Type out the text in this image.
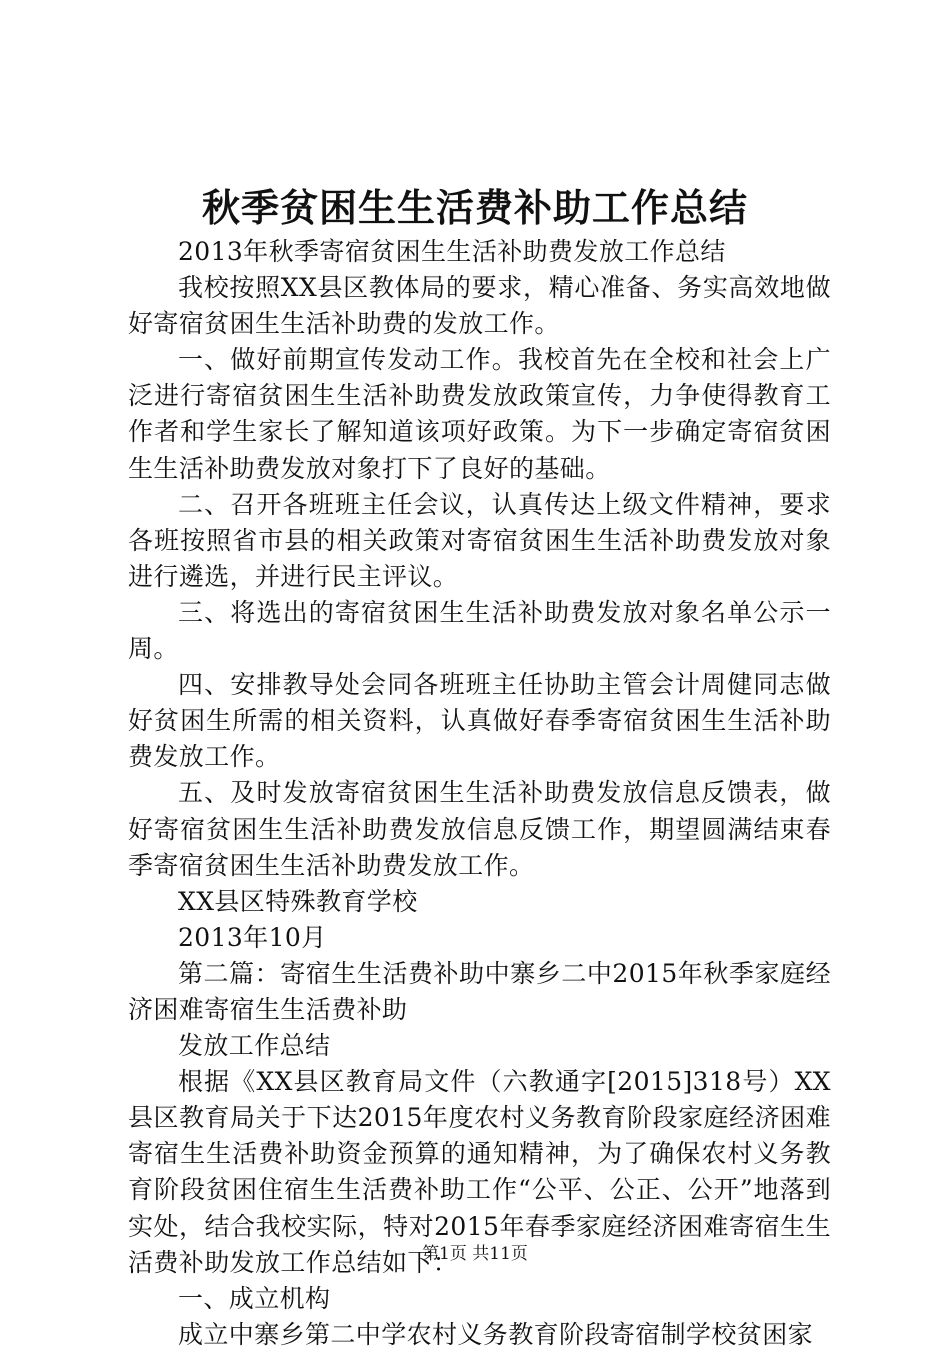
秋季贫困生生活费补助工作总结

2013年秋季寄宿贫困生生活补助费发放工作总结

我校按照XX县区教体局的要求，精心准备、务实高效地做好寄宿贫困生生活补助费的发放工作。

一、做好前期宣传发动工作。我校首先在全校和社会上广泛进行寄宿贫困生生活补助费发放政策宣传，力争使得教育工作者和学生家长了解知道该项好政策。为下一步确定寄宿贫困生生活补助费发放对象打下了良好的基础。

二、召开各班班主任会议，认真传达上级文件精神，要求各班按照省市县的相关政策对寄宿贫困生生活补助费发放对象进行遴选，并进行民主评议。

三、将选出的寄宿贫困生生活补助费发放对象名单公示一周。

四、安排教导处会同各班班主任协助主管会计周健同志做好贫困生所需的相关资料，认真做好春季寄宿贫困生生活补助费发放工作。

五、及时发放寄宿贫困生生活补助费发放信息反馈表，做好寄宿贫困生生活补助费发放信息反馈工作，期望圆满结束春季寄宿贫困生生活补助费发放工作。

XX县区特殊教育学校

2013年10月

第二篇：寄宿生生活费补助中寨乡二中2015年秋季家庭经济困难寄宿生生活费补助

发放工作总结

根据《XX县区教育局文件（六教通字[2015]318号）XX县区教育局关于下达2015年度农村义务教育阶段家庭经济困难寄宿生生活费补助资金预算的通知精神，为了确保农村义务教育阶段贫困住宿生生活费补助工作“公平、公正、公开”地落到实处，结合我校实际，特对2015年春季家庭经济困难寄宿生生活费补助发放工作总结如下：

一、成立机构

成立中寨乡第二中学农村义务教育阶段寄宿制学校贫困家

第1页 共11页
